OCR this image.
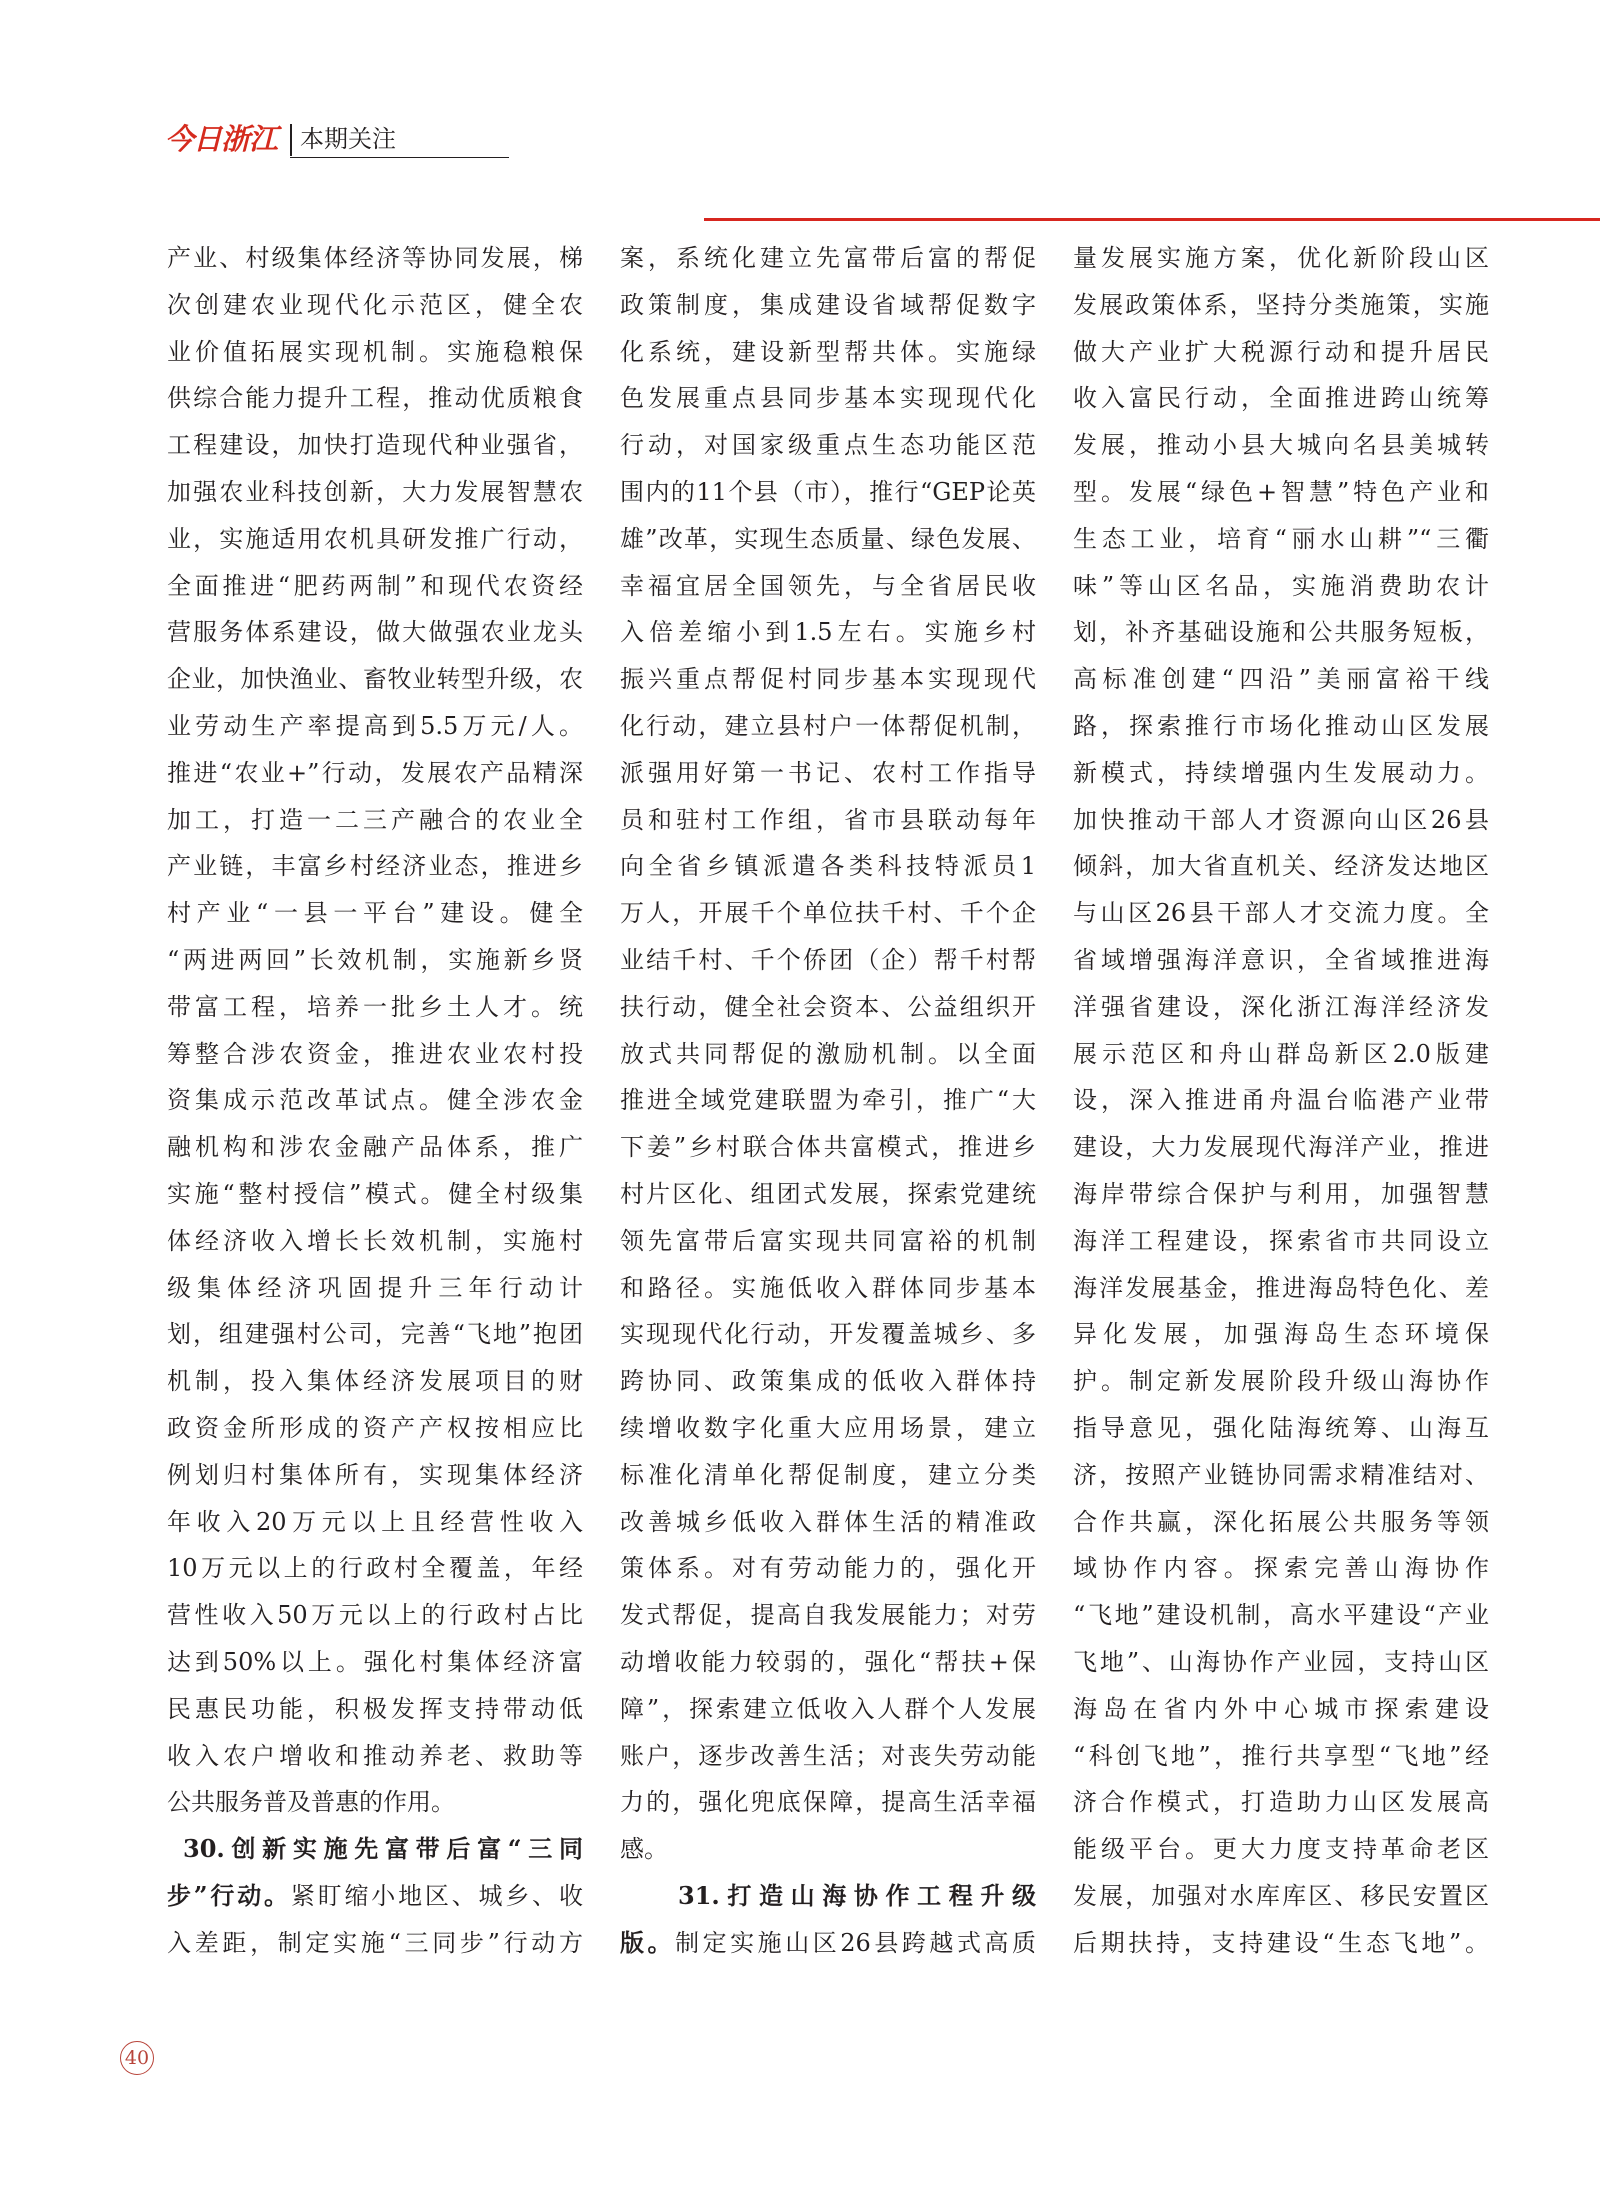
今日浙江 本期关注
产业、村级集体经济等协同发展，梯
次创建农业现代化示范区，健全农
业价值拓展实现机制。实施稳粮保
供综合能力提升工程，推动优质粮食
工程建设，加快打造现代种业强省，
加强农业科技创新，大力发展智慧农
业，实施适用农机具研发推广行动，
全面推进“肥药两制”和现代农资经
营服务体系建设，做大做强农业龙头
企业，加快渔业、畜牧业转型升级，农
业劳动生产率提高到5.5万元/人。
推进“农业+”行动，发展农产品精深
加工，打造一二三产融合的农业全
产业链，丰富乡村经济业态，推进乡
村产业“一县一平台”建设。健全
“两进两回”长效机制，实施新乡贤
带富工程，培养一批乡土人才。统
筹整合涉农资金，推进农业农村投
资集成示范改革试点。健全涉农金
融机构和涉农金融产品体系，推广
实施“整村授信”模式。健全村级集
体经济收入增长长效机制，实施村
级集体经济巩固提升三年行动计
划，组建强村公司，完善“飞地”抱团
机制，投入集体经济发展项目的财
政资金所形成的资产产权按相应比
例划归村集体所有，实现集体经济
年收入20万元以上且经营性收入
10万元以上的行政村全覆盖，年经
营性收入50万元以上的行政村占比
达到50%以上。强化村集体经济富
民惠民功能，积极发挥支持带动低
收入农户增收和推动养老、救助等
公共服务普及普惠的作用。
30.创新实施先富带后富“三同
步”行动。紧盯缩小地区、城乡、收
入差距，制定实施“三同步”行动方
案，系统化建立先富带后富的帮促
政策制度，集成建设省域帮促数字
化系统，建设新型帮共体。实施绿
色发展重点县同步基本实现现代化
行动，对国家级重点生态功能区范
围内的11个县（市），推行“GEP论英
雄”改革，实现生态质量、绿色发展、
幸福宜居全国领先，与全省居民收
入倍差缩小到1.5左右。实施乡村
振兴重点帮促村同步基本实现现代
化行动，建立县村户一体帮促机制，
派强用好第一书记、农村工作指导
员和驻村工作组，省市县联动每年
向全省乡镇派遣各类科技特派员1
万人，开展千个单位扶千村、千个企
业结千村、千个侨团（企）帮千村帮
扶行动，健全社会资本、公益组织开
放式共同帮促的激励机制。以全面
推进全域党建联盟为牵引，推广“大
下姜”乡村联合体共富模式，推进乡
村片区化、组团式发展，探索党建统
领先富带后富实现共同富裕的机制
和路径。实施低收入群体同步基本
实现现代化行动，开发覆盖城乡、多
跨协同、政策集成的低收入群体持
续增收数字化重大应用场景，建立
标准化清单化帮促制度，建立分类
改善城乡低收入群体生活的精准政
策体系。对有劳动能力的，强化开
发式帮促，提高自我发展能力；对劳
动增收能力较弱的，强化“帮扶+保
障”，探索建立低收入人群个人发展
账户，逐步改善生活；对丧失劳动能
力的，强化兜底保障，提高生活幸福
感。
31.打造山海协作工程升级
版。制定实施山区26县跨越式高质
量发展实施方案，优化新阶段山区
发展政策体系，坚持分类施策，实施
做大产业扩大税源行动和提升居民
收入富民行动，全面推进跨山统筹
发展，推动小县大城向名县美城转
型。发展“绿色+智慧”特色产业和
生态工业，培育“丽水山耕”“三衢
味”等山区名品，实施消费助农计
划，补齐基础设施和公共服务短板，
高标准创建“四沿”美丽富裕干线
路，探索推行市场化推动山区发展
新模式，持续增强内生发展动力。
加快推动干部人才资源向山区26县
倾斜，加大省直机关、经济发达地区
与山区26县干部人才交流力度。全
省域增强海洋意识，全省域推进海
洋强省建设，深化浙江海洋经济发
展示范区和舟山群岛新区2.0版建
设，深入推进甬舟温台临港产业带
建设，大力发展现代海洋产业，推进
海岸带综合保护与利用，加强智慧
海洋工程建设，探索省市共同设立
海洋发展基金，推进海岛特色化、差
异化发展，加强海岛生态环境保
护。制定新发展阶段升级山海协作
指导意见，强化陆海统筹、山海互
济，按照产业链协同需求精准结对、
合作共赢，深化拓展公共服务等领
域协作内容。探索完善山海协作
“飞地”建设机制，高水平建设“产业
飞地”、山海协作产业园，支持山区
海岛在省内外中心城市探索建设
“科创飞地”，推行共享型“飞地”经
济合作模式，打造助力山区发展高
能级平台。更大力度支持革命老区
发展，加强对水库库区、移民安置区
后期扶持，支持建设“生态飞地”。
40
